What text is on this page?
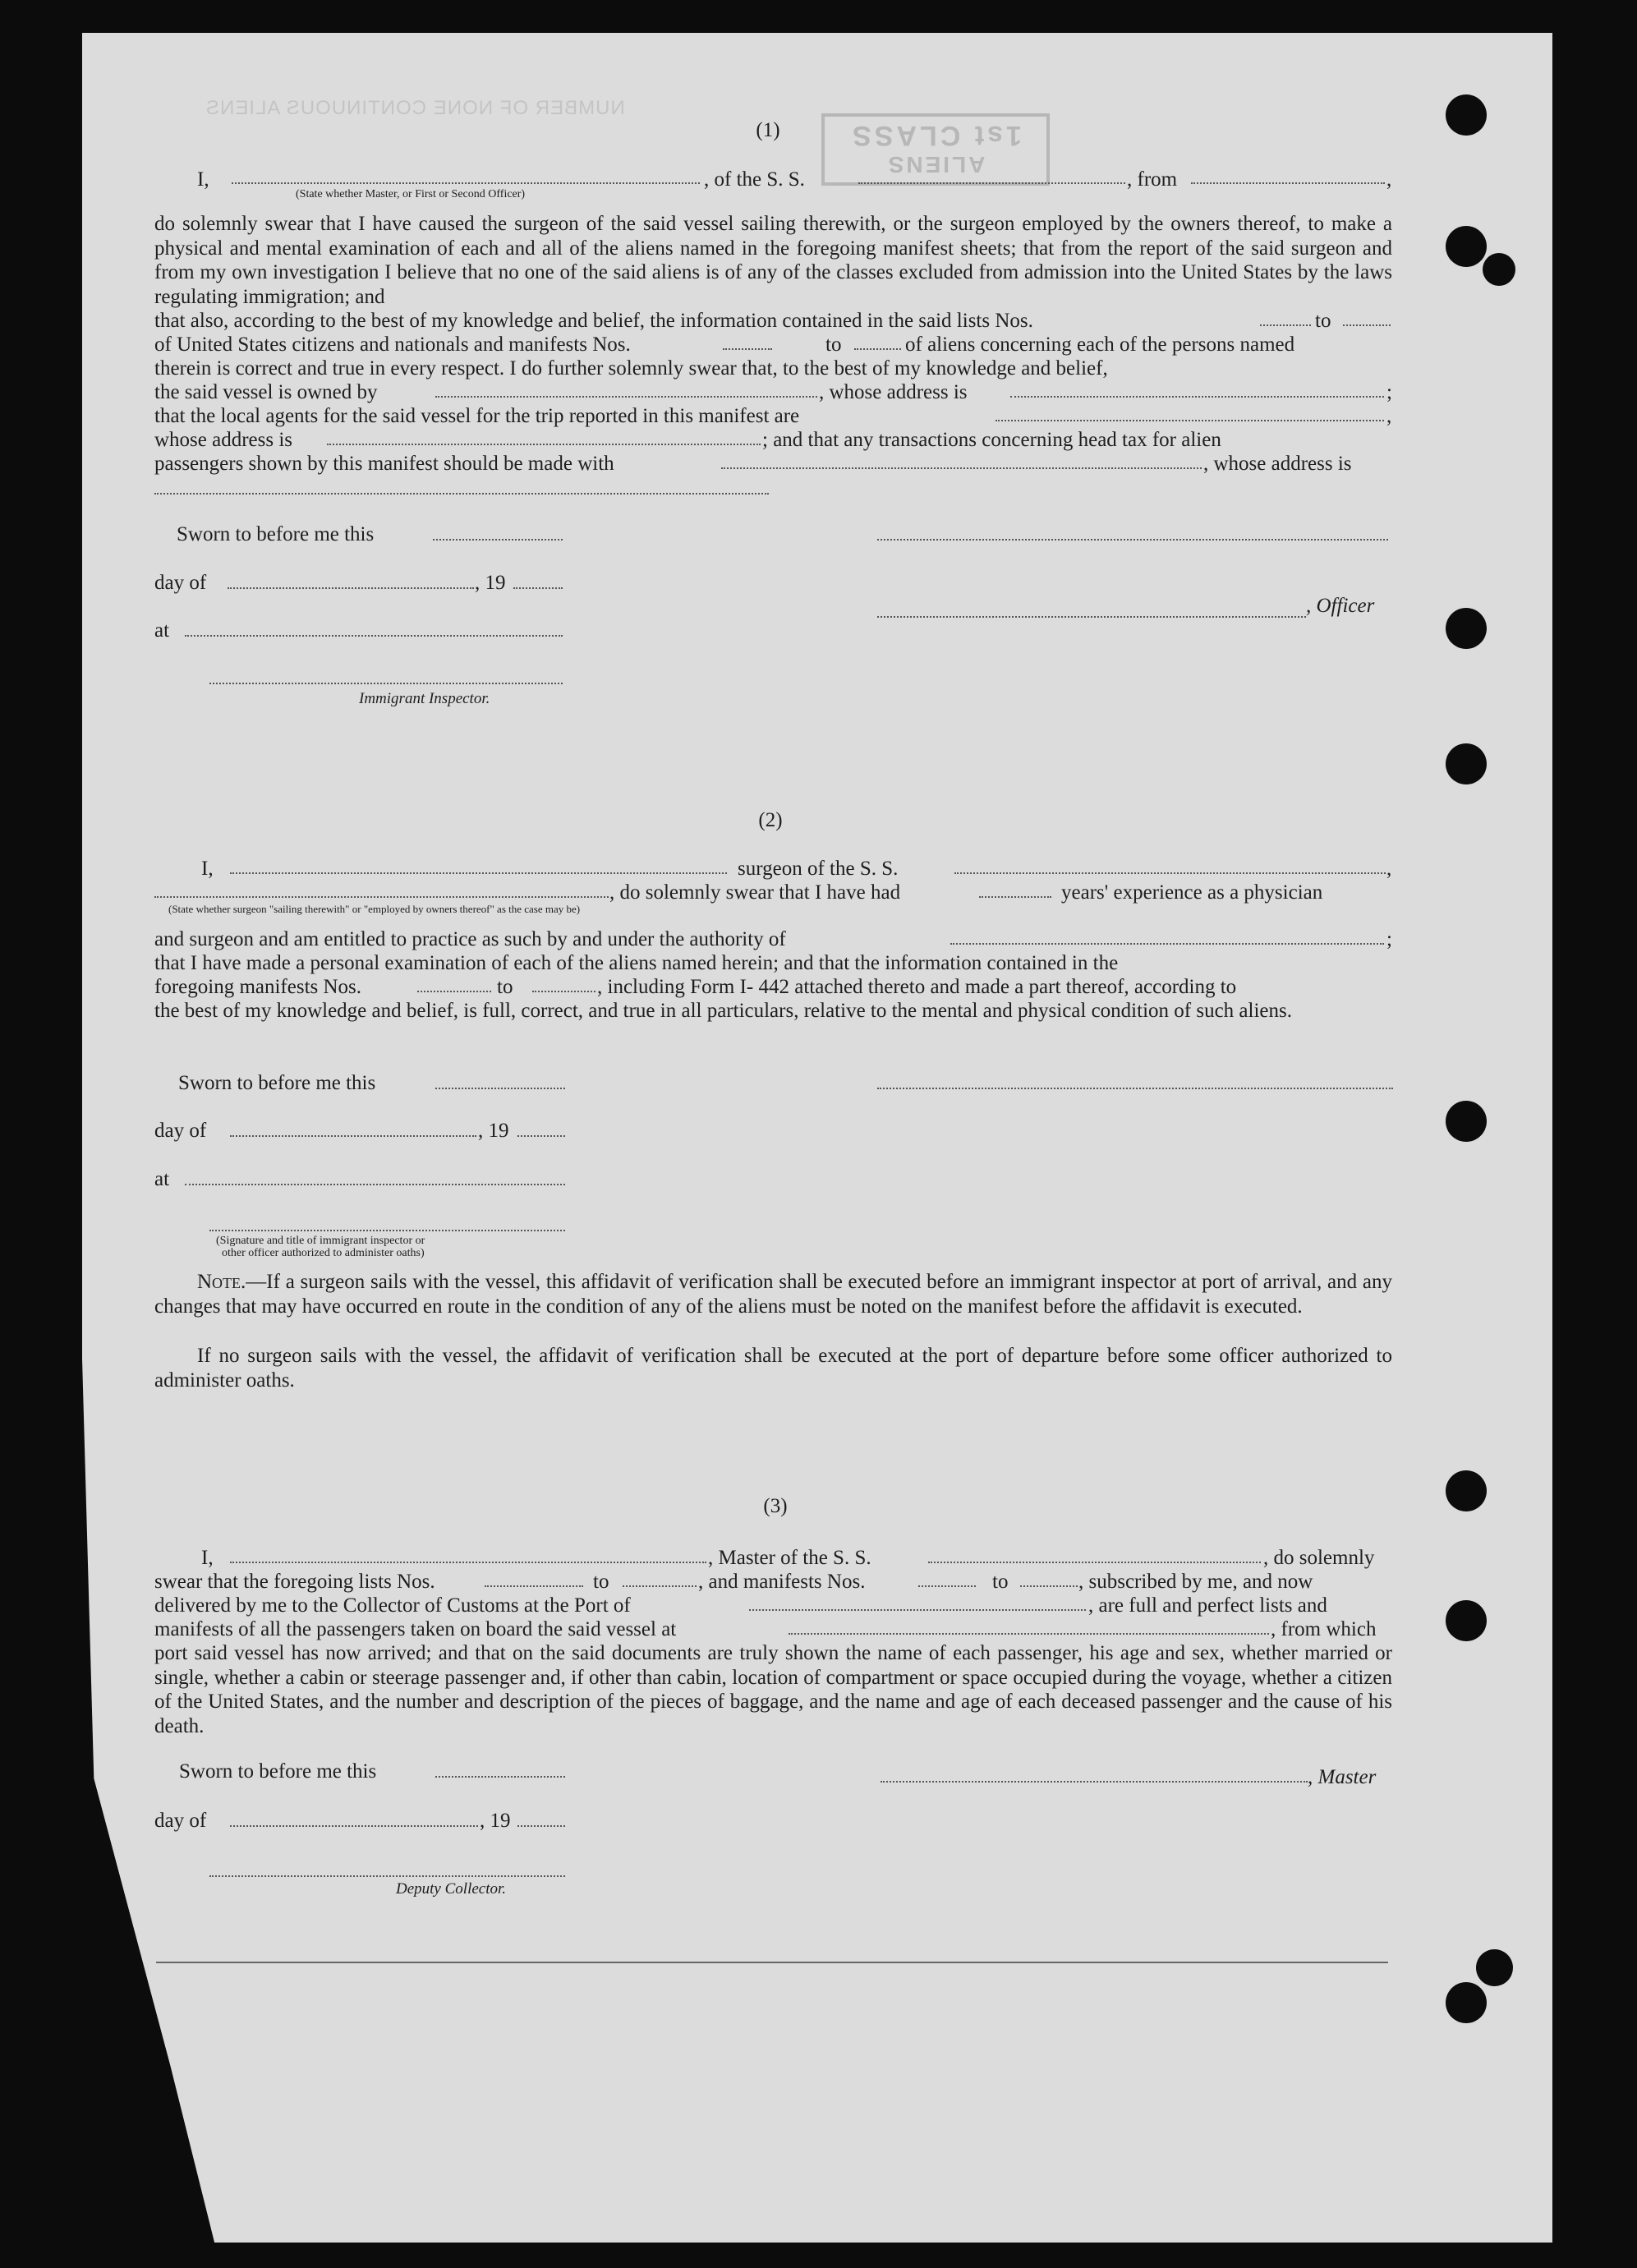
ALIENS
1st CLASS
NUMBER OF NONE CONTINUOUS ALIENS
(1)
I,	, of the S. S.	, from	,
(State whether Master, or First or Second Officer)
do solemnly swear that I have caused the surgeon of the said vessel sailing therewith, or the surgeon employed by the owners thereof, to make a physical and mental examination of each and all of the aliens named in the foregoing manifest sheets; that from the report of the said surgeon and from my own investigation I believe that no one of the said aliens is of any of the classes excluded from admission into the United States by the laws regulating immigration; and
that also, according to the best of my knowledge and belief, the information contained in the said lists Nos.	to
of United States citizens and nationals and manifests Nos.	to	of aliens concerning each of the persons named
therein is correct and true in every respect. I do further solemnly swear that, to the best of my knowledge and belief,
the said vessel is owned by	, whose address is	;
that the local agents for the said vessel for the trip reported in this manifest are	,
whose address is	; and that any transactions concerning head tax for alien
passengers shown by this manifest should be made with	, whose address is
Sworn to before me this
day of	, 19
, Officer
at
Immigrant Inspector.
(2)
I,	surgeon of the S. S.	,
, do solemnly swear that I have had	years' experience as a physician
(State whether surgeon "sailing therewith" or "employed by owners thereof" as the case may be)
and surgeon and am entitled to practice as such by and under the authority of	;
that I have made a personal examination of each of the aliens named herein; and that the information contained in the
foregoing manifests Nos.	to	, including Form I- 442 attached thereto and made a part thereof, according to
the best of my knowledge and belief, is full, correct, and true in all particulars, relative to the mental and physical condition of such aliens.
Sworn to before me this
day of	, 19
at
(Signature and title of immigrant inspector or
other officer authorized to administer oaths)
Note.—If a surgeon sails with the vessel, this affidavit of verification shall be executed before an immigrant inspector at port of arrival, and any changes that may have occurred en route in the condition of any of the aliens must be noted on the manifest before the affidavit is executed.
If no surgeon sails with the vessel, the affidavit of verification shall be executed at the port of departure before some officer authorized to administer oaths.
(3)
I,	, Master of the S. S.	, do solemnly
swear that the foregoing lists Nos.	to	, and manifests Nos.	to	, subscribed by me, and now
delivered by me to the Collector of Customs at the Port of	, are full and perfect lists and
manifests of all the passengers taken on board the said vessel at	, from which
port said vessel has now arrived; and that on the said documents are truly shown the name of each passenger, his age and sex, whether married or single, whether a cabin or steerage passenger and, if other than cabin, location of compartment or space occupied during the voyage, whether a citizen of the United States, and the number and description of the pieces of baggage, and the name and age of each deceased passenger and the cause of his death.
Sworn to before me this	, Master
day of	, 19
Deputy Collector.
